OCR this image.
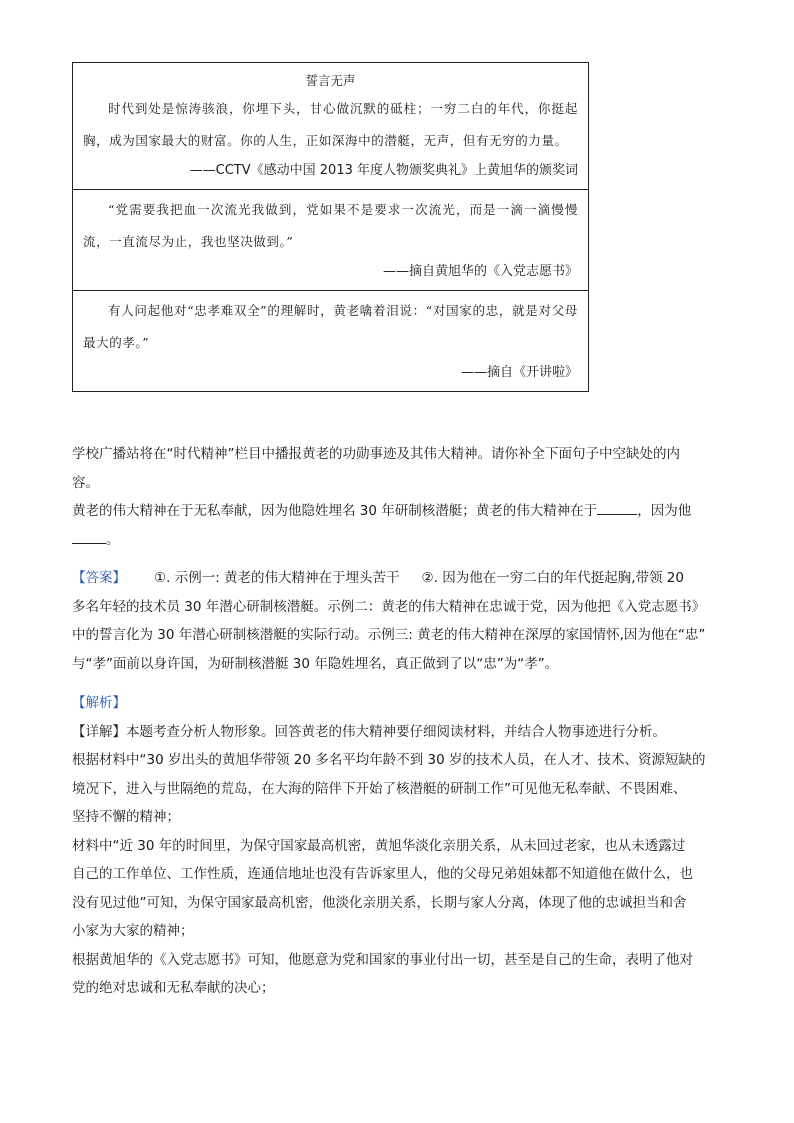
誓言无声

时代到处是惊涛骇浪，你埋下头，甘心做沉默的砥柱；一穷二白的年代，你挺起胸，成为国家最大的财富。你的人生，正如深海中的潜艇，无声，但有无穷的力量。

——CCTV《感动中国 2013 年度人物颁奖典礼》上黄旭华的颁奖词

“党需要我把血一次流光我做到，党如果不是要求一次流光，而是一滴一滴慢慢流，一直流尽为止，我也坚决做到。”

——摘自黄旭华的《入党志愿书》

有人问起他对“忠孝难双全”的理解时，黄老噙着泪说：“对国家的忠，就是对父母最大的孝。”

——摘自《开讲啦》
学校广播站将在“时代精神”栏目中播报黄老的功勋事迹及其伟大精神。请你补全下面句子中空缺处的内
容。
黄老的伟大精神在于无私奉献，因为他隐姓埋名 30 年研制核潜艇；黄老的伟大精神在于	，因为他
。
【答案】 ①. 示例一: 黄老的伟大精神在于埋头苦干 ②. 因为他在一穷二白的年代挺起胸,带领 20
多名年轻的技术员 30 年潜心研制核潜艇。示例二：黄老的伟大精神在忠诚于党，因为他把《入党志愿书》
中的誓言化为 30 年潜心研制核潜艇的实际行动。示例三: 黄老的伟大精神在深厚的家国情怀,因为他在“忠”
与“孝”面前以身许国，为研制核潜艇 30 年隐姓埋名，真正做到了以“忠”为“孝”。
【解析】
【详解】本题考查分析人物形象。回答黄老的伟大精神要仔细阅读材料，并结合人物事迹进行分析。
根据材料中“30 岁出头的黄旭华带领 20 多名平均年龄不到 30 岁的技术人员，在人才、技术、资源短缺的
境况下，进入与世隔绝的荒岛，在大海的陪伴下开始了核潜艇的研制工作”可见他无私奉献、不畏困难、
坚持不懈的精神；
材料中“近 30 年的时间里，为保守国家最高机密，黄旭华淡化亲朋关系，从未回过老家，也从未透露过
自己的工作单位、工作性质，连通信地址也没有告诉家里人，他的父母兄弟姐妹都不知道他在做什么，也
没有见过他”可知，为保守国家最高机密，他淡化亲朋关系，长期与家人分离，体现了他的忠诚担当和舍
小家为大家的精神；
根据黄旭华的《入党志愿书》可知，他愿意为党和国家的事业付出一切，甚至是自己的生命，表明了他对
党的绝对忠诚和无私奉献的决心；
